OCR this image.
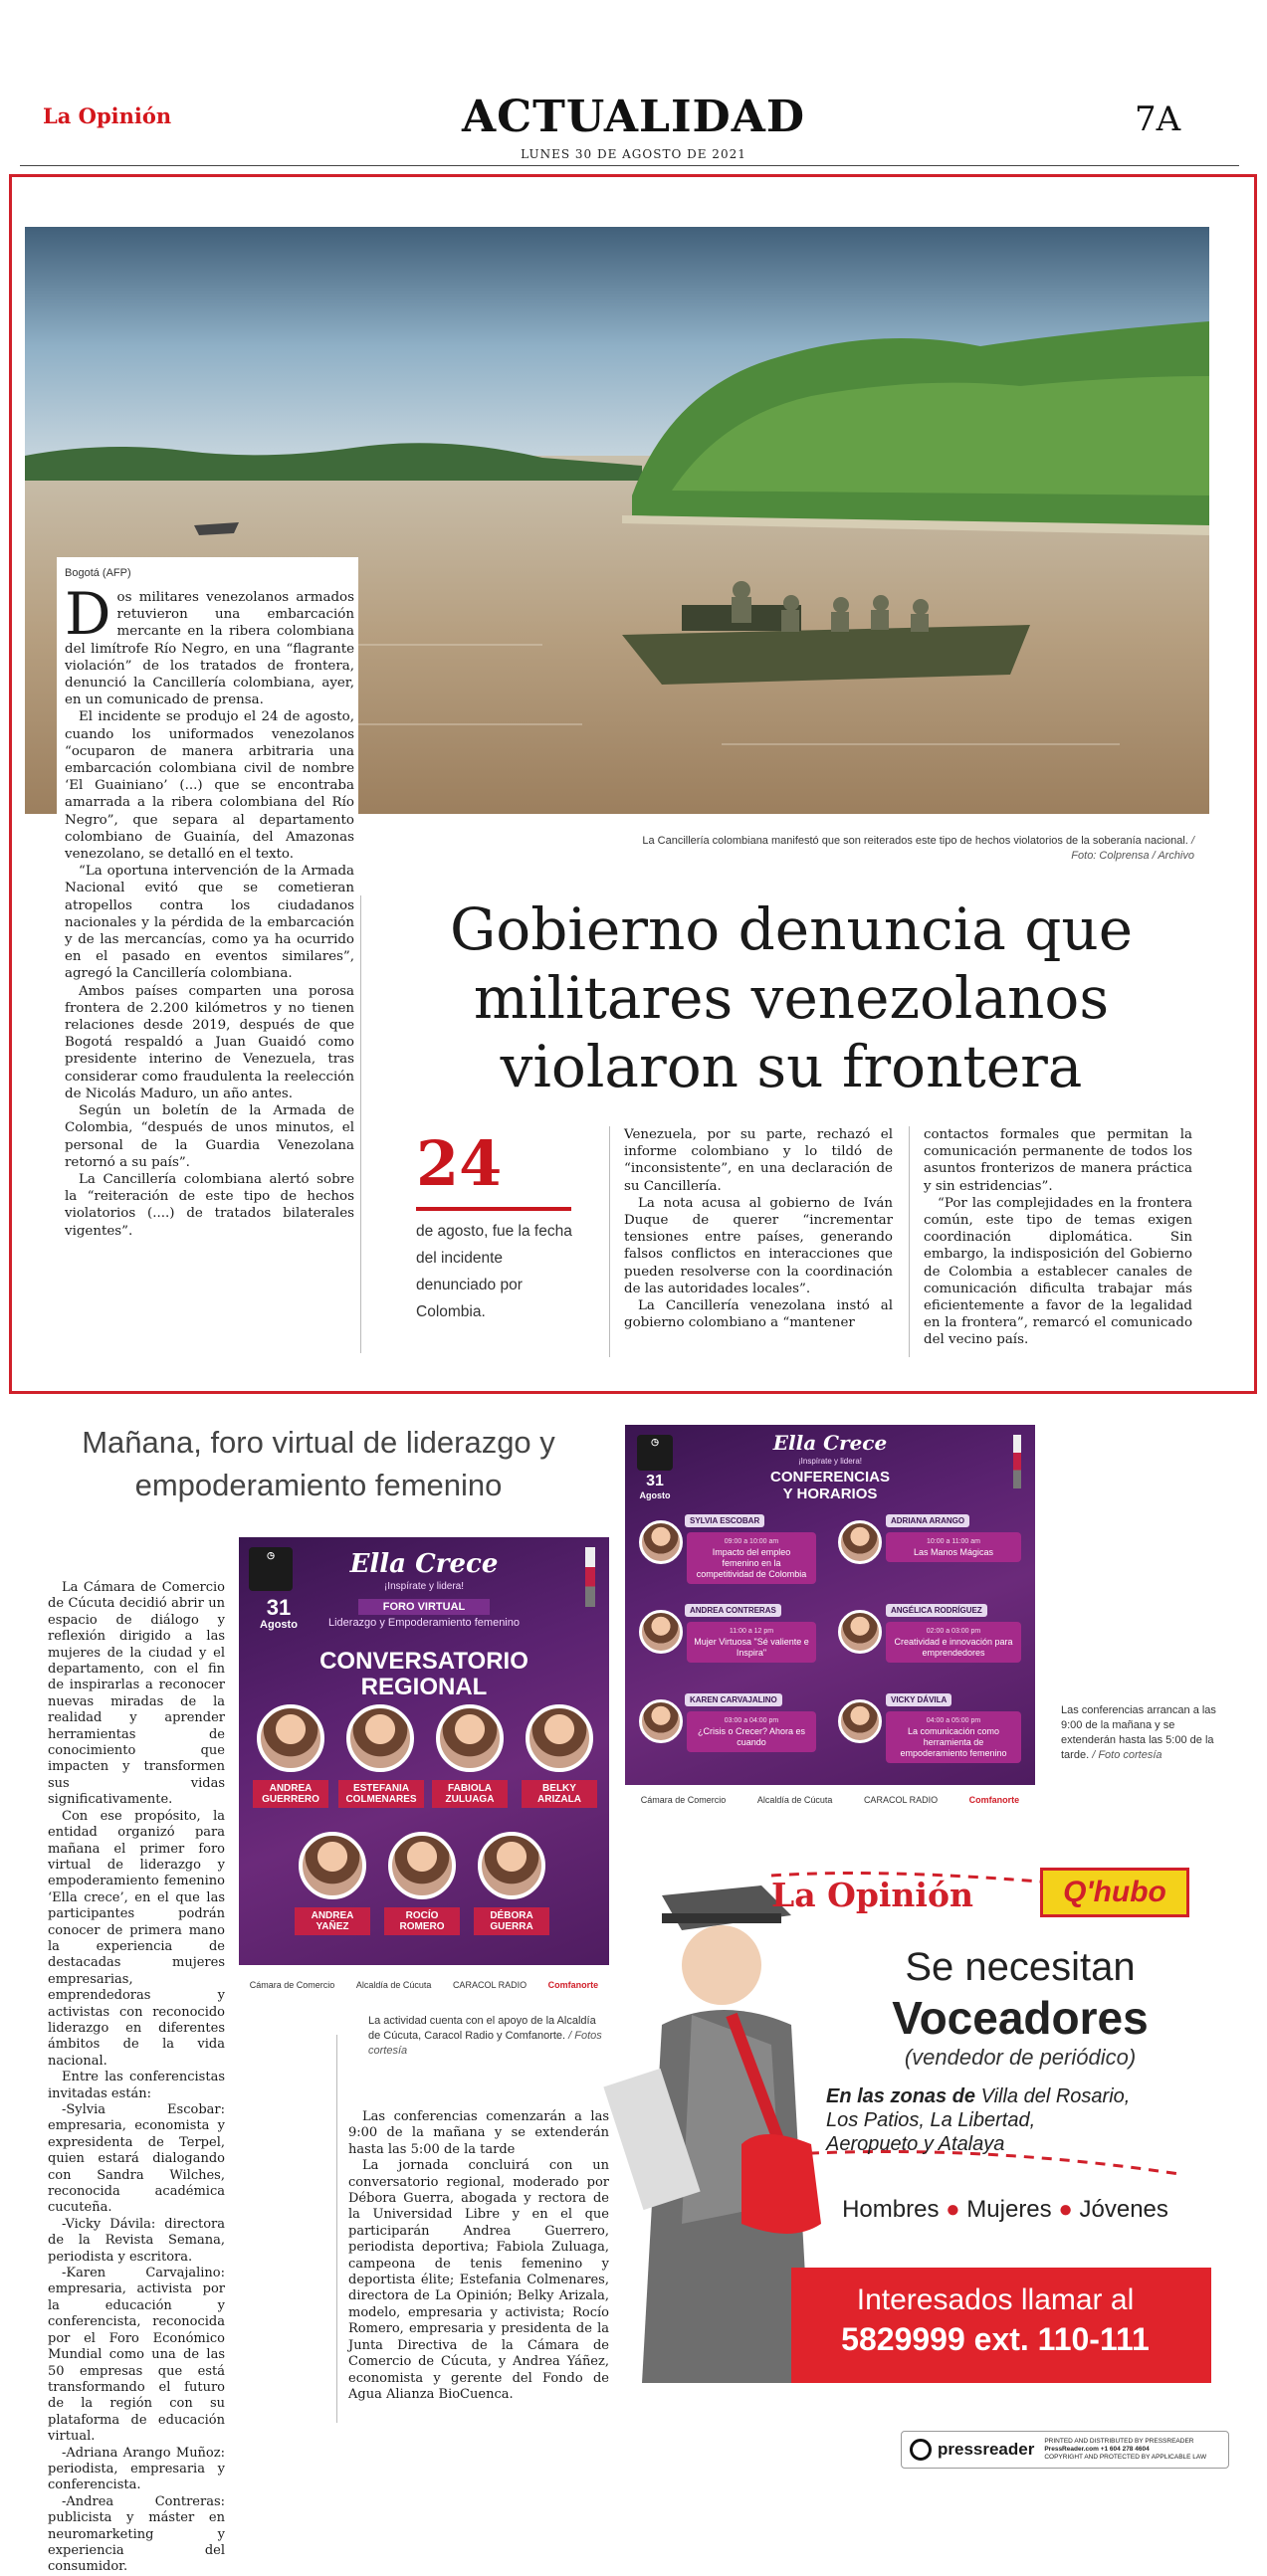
La Opinión	ACTUALIDAD
LUNES 30 DE AGOSTO DE 2021
7A
Bogotá (AFP)

Dos militares venezolanos armados retuvieron una embarcación mercante en la ribera colombiana del limítrofe Río Negro, en una “flagrante violación” de los tratados de frontera, denunció la Cancillería colombiana, ayer, en un comunicado de prensa.

El incidente se produjo el 24 de agosto, cuando los uniformados venezolanos “ocuparon de manera arbitraria una embarcación colombiana civil de nombre ‘El Guainiano’ (...) que se encontraba amarrada a la ribera colombiana del Río Negro”, que separa al departamento colombiano de Guainía, del Amazonas venezolano, se detalló en el texto.

“La oportuna intervención de la Armada Nacional evitó que se cometieran atropellos contra los ciudadanos nacionales y la pérdida de la embarcación y de las mercancías, como ya ha ocurrido en el pasado en eventos similares”, agregó la Cancillería colombiana.

Ambos países comparten una porosa frontera de 2.200 kilómetros y no tienen relaciones desde 2019, después de que Bogotá respaldó a Juan Guaidó como presidente interino de Venezuela, tras considerar como fraudulenta la reelección de Nicolás Maduro, un año antes.

Según un boletín de la Armada de Colombia, “después de unos minutos, el personal de la Guardia Venezolana retornó a su país”.

La Cancillería colombiana alertó sobre la “reiteración de este tipo de hechos violatorios (....) de tratados bilaterales vigentes”.

La Cancillería colombiana manifestó que son reiterados este tipo de hechos violatorios de la soberanía nacional. / Foto: Colprensa / Archivo
Gobierno denuncia que militares venezolanos violaron su frontera
24
de agosto, fue la fecha del incidente denunciado por Colombia.

Venezuela, por su parte, rechazó el informe colombiano y lo tildó de “inconsistente”, en una declaración de su Cancillería.

La nota acusa al gobierno de Iván Duque de querer “incrementar tensiones entre países, generando falsos conflictos en interacciones que pueden resolverse con la coordinación de las autoridades locales”.

La Cancillería venezolana instó al gobierno colombiano a “mantener

contactos formales que permitan la comunicación permanente de todos los asuntos fronterizos de manera práctica y sin estridencias”.

“Por las complejidades en la frontera común, este tipo de temas exigen coordinación diplomática. Sin embargo, la indisposición del Gobierno de Colombia a establecer canales de comunicación dificulta trabajar más eficientemente a favor de la legalidad en la frontera”, remarcó el comunicado del vecino país.

Mañana, foro virtual de liderazgo y empoderamiento femenino

La Cámara de Comercio de Cúcuta decidió abrir un espacio de diálogo y reflexión dirigido a las mujeres de la ciudad y el departamento, con el fin de inspirarlas a reconocer nuevas miradas de la realidad y aprender herramientas de conocimiento que impacten y transformen sus vidas significativamente.

Con ese propósito, la entidad organizó para mañana el primer foro virtual de liderazgo y empoderamiento femenino ‘Ella crece’, en el que las participantes podrán conocer de primera mano la experiencia de destacadas mujeres empresarias, emprendedoras y activistas con reconocido liderazgo en diferentes ámbitos de la vida nacional.

Entre las conferencistas invitadas están:

-Sylvia Escobar: empresaria, economista y expresidenta de Terpel, quien estará dialogando con Sandra Wilches, reconocida académica cucuteña.

-Vicky Dávila: directora de la Revista Semana, periodista y escritora.

-Karen Carvajalino: empresaria, activista por la educación y conferencista, reconocida por el Foro Económico Mundial como una de las 50 empresas que está transformando el futuro de la región con su plataforma de educación virtual.

-Adriana Arango Muñoz: periodista, empresaria y conferencista.

-Andrea Contreras: publicista y máster en neuromarketing y experiencia del consumidor.

◷
31
Agosto
Ella Crece
¡Inspírate y lidera!
FORO VIRTUAL
Liderazgo y Empoderamiento femenino
CONVERSATORIO
REGIONAL
ANDREA GUERRERO
ESTEFANIA COLMENARES
FABIOLA ZULUAGA
BELKY ARIZALA
ANDREA YAÑEZ
ROCÍO ROMERO
DÉBORA GUERRA
Cámara de Comercio Alcaldía de Cúcuta CARACOL RADIO Comfanorte
La actividad cuenta con el apoyo de la Alcaldía de Cúcuta, Caracol Radio y Comfanorte. / Fotos cortesía
◷
31
Agosto
Ella Crece
¡Inspírate y lidera!
CONFERENCIAS
Y HORARIOS
SYLVIA ESCOBAR
09:00 a 10:00 am
Impacto del empleo femenino en la competitividad de Colombia
ADRIANA ARANGO
10:00 a 11:00 am
Las Manos Mágicas
ANDREA CONTRERAS
11:00 a 12 pm
Mujer Virtuosa "Sé valiente e Inspira"
ANGÉLICA RODRÍGUEZ
02:00 a 03:00 pm
Creatividad e innovación para emprendedores
KAREN CARVAJALINO
03:00 a 04:00 pm
¿Crisis o Crecer? Ahora es cuando
VICKY DÁVILA
04:00 a 05:00 pm
La comunicación como herramienta de empoderamiento femenino
Cámara de Comercio	Alcaldía de Cúcuta	CARACOL RADIO	Comfanorte
Las conferencias arrancan a las 9:00 de la mañana y se extenderán hasta las 5:00 de la tarde. / Foto cortesía

Las conferencias comenzarán a las 9:00 de la mañana y se extenderán hasta las 5:00 de la tarde

La jornada concluirá con un conversatorio regional, moderado por Débora Guerra, abogada y rectora de la Universidad Libre y en el que participarán Andrea Guerrero, periodista deportiva; Fabiola Zuluaga, campeona de tenis femenino y deportista élite; Estefania Colmenares, directora de La Opinión; Belky Arizala, modelo, empresaria y activista; Rocío Romero, empresaria y presidenta de la Junta Directiva de la Cámara de Comercio de Cúcuta, y Andrea Yáñez, economista y gerente del Fondo de Agua Alianza BioCuenca.

La Opinión	Q'hubo
Se necesitan
Voceadores
(vendedor de periódico)
En las zonas de Villa del Rosario,
Los Patios, La Libertad,
Aeropueto y Atalaya
Hombres ● Mujeres ● Jóvenes
Interesados llamar al
5829999 ext. 110-111
pressreader PRINTED AND DISTRIBUTED BY PRESSREADER
PressReader.com +1 604 278 4604
COPYRIGHT AND PROTECTED BY APPLICABLE LAW
